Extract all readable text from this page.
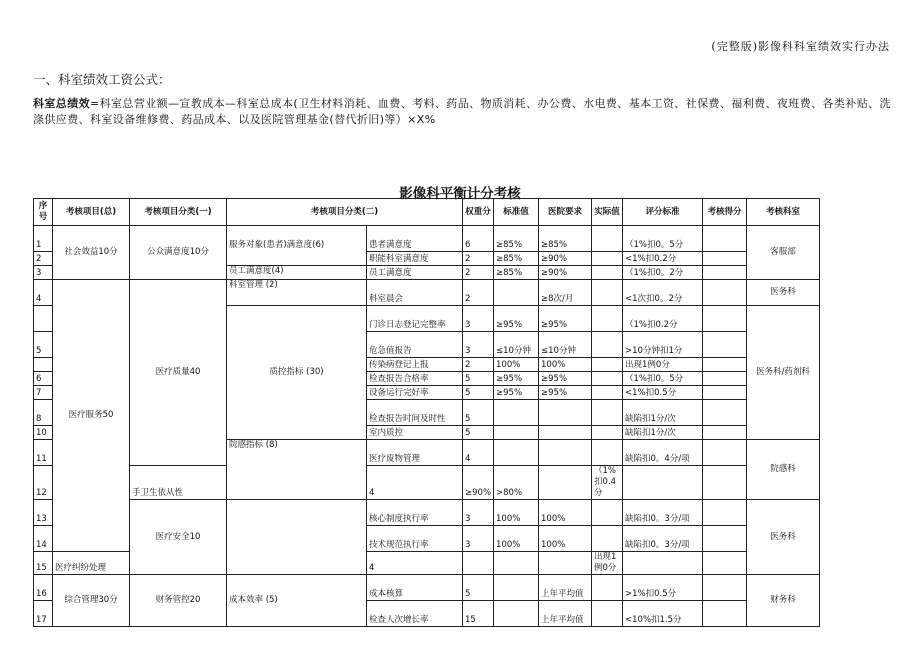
(完整版)影像科科室绩效实行办法
一、科室绩效工资公式：
科室总绩效=科室总营业额—宣教成本—科室总成本(卫生材料消耗、血费、考料、药品、物质消耗、办公费、水电费、基本工资、社保费、福利费、夜班费、各类补贴、洗涤供应费、科室设备维修费、药品成本、以及医院管理基金(替代折旧)等）×X%
影像科平衡计分考核
序号	考核项目(总)	考核项目分类(一)	考核项目分类(二)		权重分	标准值	医院要求	实际值	评分标准	考核得分	考核科室
1	社会效益10分	公众满意度10分	服务对象(患者)满意度(6)	患者满意度	6	≥85%	≥85%		（1%扣0。5分		客服部
2				职能科室满意度	2	≥85%	≥90%		<1%扣0.2分		
3			员工满意度(4)	员工满意度	2	≥85%	≥90%		（1%扣0。2分		
4	医疗服务50	医疗质量40	科室管理 (2)	科室晨会	2		≥8次/月		<1次扣0。2分		医务科
			质控指标 (30)	门诊日志登记完整率	3	≥95%	≥95%		（1%扣0.2分		医务科/药剂科
5				危急值报告	3	≤10分钟	≤10分钟		>10分钟扣1分		
				传染病登记上报	2	100%	100%		出现1例0分		
6				检查报告合格率	5	≥95%	≥95%		（1%扣0。5分		
7				设备运行完好率	5	≥95%	≥95%		<1%扣0.5分		
8				检查报告时间及时性	5				缺陷扣1分/次		
10				室内质控	5				缺陷扣1分/次		
11			院感指标 (8)	医疗废物管理	4				缺陷扣0。4分/项		院感科
12		手卫生依从性		4	≥90%	>80%		（1%扣0.4分			
13		医疗安全10		核心制度执行率	3	100%	100%		缺陷扣0。3分/项		医务科
14				技术规范执行率	3	100%	100%		缺陷扣0。3分/项		
15	医疗纠纷处理			4				出现1例0分			
16	综合管理30分	财务管控20	成本效率 (5)	成本核算	5		上年平均值		>1%扣0.5分		财务科
17				检查人次增长率	15		上年平均值		<10%扣1.5分		
